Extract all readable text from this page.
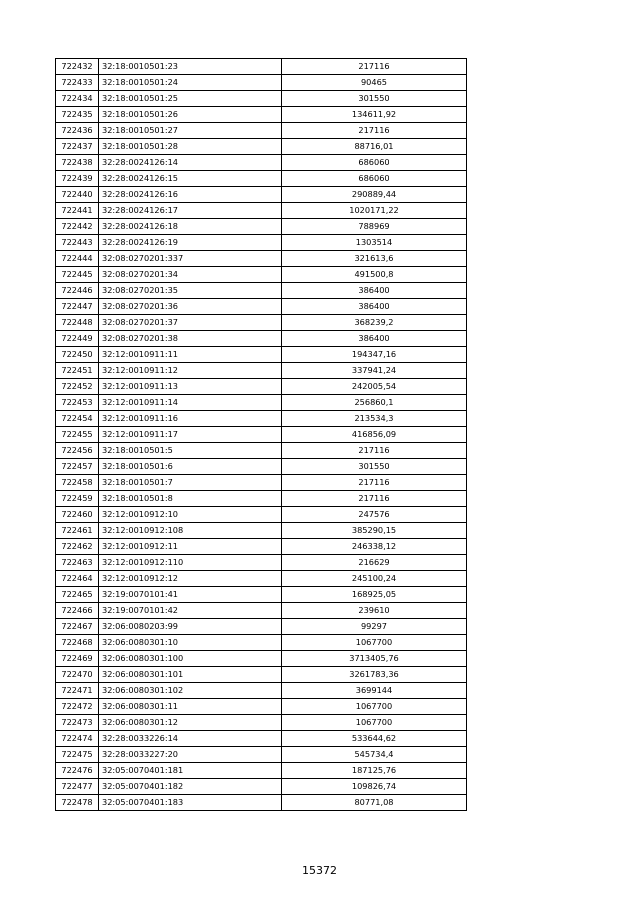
722432	32:18:0010501:23	217116
722433	32:18:0010501:24	90465
722434	32:18:0010501:25	301550
722435	32:18:0010501:26	134611,92
722436	32:18:0010501:27	217116
722437	32:18:0010501:28	88716,01
722438	32:28:0024126:14	686060
722439	32:28:0024126:15	686060
722440	32:28:0024126:16	290889,44
722441	32:28:0024126:17	1020171,22
722442	32:28:0024126:18	788969
722443	32:28:0024126:19	1303514
722444	32:08:0270201:337	321613,6
722445	32:08:0270201:34	491500,8
722446	32:08:0270201:35	386400
722447	32:08:0270201:36	386400
722448	32:08:0270201:37	368239,2
722449	32:08:0270201:38	386400
722450	32:12:0010911:11	194347,16
722451	32:12:0010911:12	337941,24
722452	32:12:0010911:13	242005,54
722453	32:12:0010911:14	256860,1
722454	32:12:0010911:16	213534,3
722455	32:12:0010911:17	416856,09
722456	32:18:0010501:5	217116
722457	32:18:0010501:6	301550
722458	32:18:0010501:7	217116
722459	32:18:0010501:8	217116
722460	32:12:0010912:10	247576
722461	32:12:0010912:108	385290,15
722462	32:12:0010912:11	246338,12
722463	32:12:0010912:110	216629
722464	32:12:0010912:12	245100,24
722465	32:19:0070101:41	168925,05
722466	32:19:0070101:42	239610
722467	32:06:0080203:99	99297
722468	32:06:0080301:10	1067700
722469	32:06:0080301:100	3713405,76
722470	32:06:0080301:101	3261783,36
722471	32:06:0080301:102	3699144
722472	32:06:0080301:11	1067700
722473	32:06:0080301:12	1067700
722474	32:28:0033226:14	533644,62
722475	32:28:0033227:20	545734,4
722476	32:05:0070401:181	187125,76
722477	32:05:0070401:182	109826,74
722478	32:05:0070401:183	80771,08
15372
